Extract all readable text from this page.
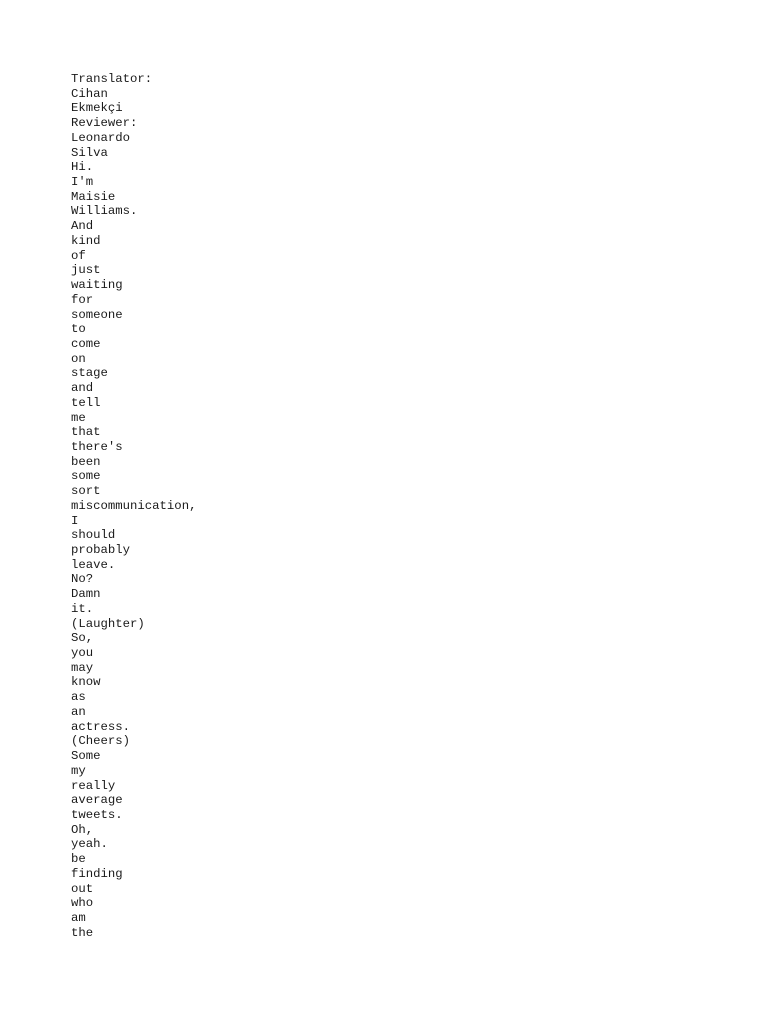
Translator:
Cihan
Ekmekçi
Reviewer:
Leonardo
Silva
Hi.
I'm
Maisie
Williams.
And
kind
of
just
waiting
for
someone
to
come
on
stage
and
tell
me
that
there's
been
some
sort
miscommunication,
I
should
probably
leave.
No?
Damn
it.
(Laughter)
So,
you
may
know
as
an
actress.
(Cheers)
Some
my
really
average
tweets.
Oh,
yeah.
be
finding
out
who
am
the
